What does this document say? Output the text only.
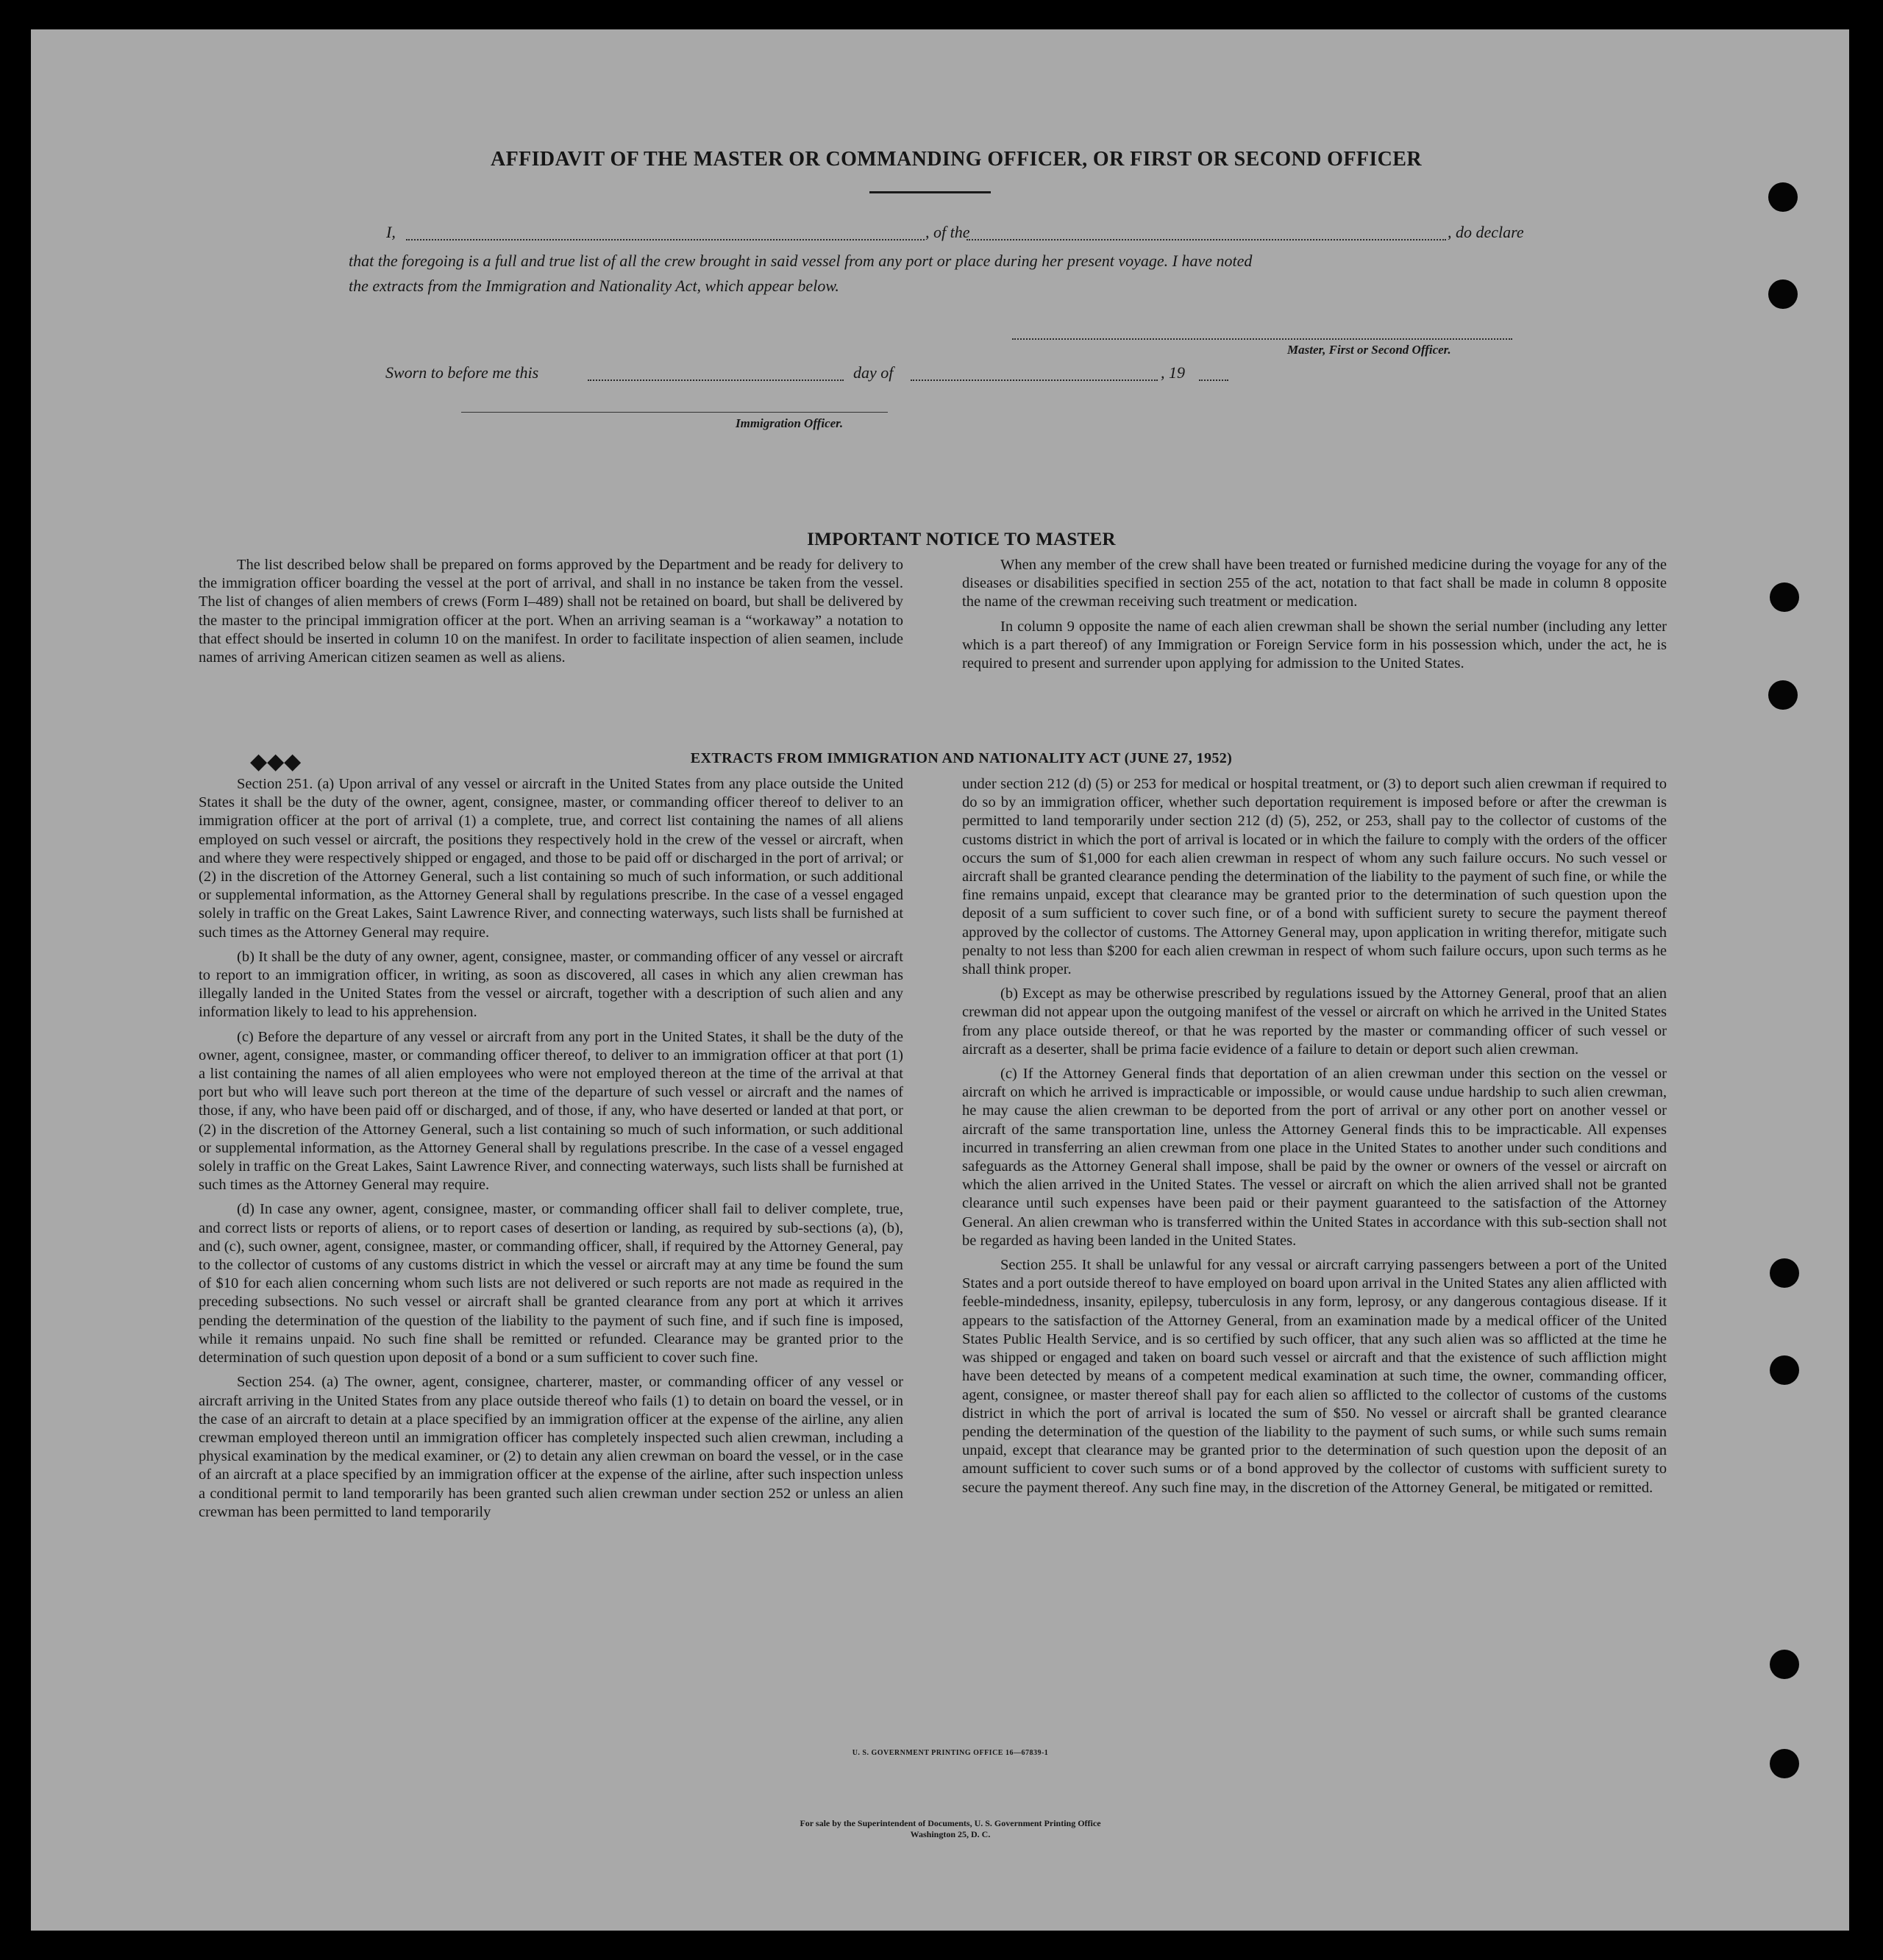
AFFIDAVIT OF THE MASTER OR COMMANDING OFFICER, OR FIRST OR SECOND OFFICER
I,	, of the	, do declare
that the foregoing is a full and true list of all the crew brought in said vessel from any port or place during her present voyage. I have noted
the extracts from the Immigration and Nationality Act, which appear below.
Master, First or Second Officer.
Sworn to before me this	day of	, 19
Immigration Officer.
IMPORTANT NOTICE TO MASTER

The list described below shall be prepared on forms approved by the Department and be ready for delivery to the immigration officer boarding the vessel at the port of arrival, and shall in no instance be taken from the vessel. The list of changes of alien members of crews (Form I–489) shall not be retained on board, but shall be delivered by the master to the principal immigration officer at the port. When an arriving seaman is a “workaway” a notation to that effect should be inserted in column 10 on the manifest. In order to facilitate inspection of alien seamen, include names of arriving American citizen seamen as well as aliens.

When any member of the crew shall have been treated or furnished medicine during the voyage for any of the diseases or disabilities specified in section 255 of the act, notation to that fact shall be made in column 8 opposite the name of the crewman receiving such treatment or medication.

In column 9 opposite the name of each alien crewman shall be shown the serial number (including any letter which is a part thereof) of any Immigration or Foreign Service form in his possession which, under the act, he is required to present and surrender upon applying for admission to the United States.

◆◆◆	EXTRACTS FROM IMMIGRATION AND NATIONALITY ACT (JUNE 27, 1952)

Section 251. (a) Upon arrival of any vessel or aircraft in the United States from any place outside the United States it shall be the duty of the owner, agent, consignee, master, or commanding officer thereof to deliver to an immigration officer at the port of arrival (1) a complete, true, and correct list containing the names of all aliens employed on such vessel or aircraft, the positions they respectively hold in the crew of the vessel or aircraft, when and where they were respectively shipped or engaged, and those to be paid off or discharged in the port of arrival; or (2) in the discretion of the Attorney General, such a list containing so much of such information, or such additional or supplemental information, as the Attorney General shall by regulations prescribe. In the case of a vessel engaged solely in traffic on the Great Lakes, Saint Lawrence River, and connecting waterways, such lists shall be furnished at such times as the Attorney General may require.

(b) It shall be the duty of any owner, agent, consignee, master, or commanding officer of any vessel or aircraft to report to an immigration officer, in writing, as soon as discovered, all cases in which any alien crewman has illegally landed in the United States from the vessel or aircraft, together with a description of such alien and any information likely to lead to his apprehension.

(c) Before the departure of any vessel or aircraft from any port in the United States, it shall be the duty of the owner, agent, consignee, master, or commanding officer thereof, to deliver to an immigration officer at that port (1) a list containing the names of all alien employees who were not employed thereon at the time of the arrival at that port but who will leave such port thereon at the time of the departure of such vessel or aircraft and the names of those, if any, who have been paid off or discharged, and of those, if any, who have deserted or landed at that port, or (2) in the discretion of the Attorney General, such a list containing so much of such information, or such additional or supplemental information, as the Attorney General shall by regulations prescribe. In the case of a vessel engaged solely in traffic on the Great Lakes, Saint Lawrence River, and connecting waterways, such lists shall be furnished at such times as the Attorney General may require.

(d) In case any owner, agent, consignee, master, or commanding officer shall fail to deliver complete, true, and correct lists or reports of aliens, or to report cases of desertion or landing, as required by sub-sections (a), (b), and (c), such owner, agent, consignee, master, or commanding officer, shall, if required by the Attorney General, pay to the collector of customs of any customs district in which the vessel or aircraft may at any time be found the sum of $10 for each alien concerning whom such lists are not delivered or such reports are not made as required in the preceding subsections. No such vessel or aircraft shall be granted clearance from any port at which it arrives pending the determination of the question of the liability to the payment of such fine, and if such fine is imposed, while it remains unpaid. No such fine shall be remitted or refunded. Clearance may be granted prior to the determination of such question upon deposit of a bond or a sum sufficient to cover such fine.

Section 254. (a) The owner, agent, consignee, charterer, master, or commanding officer of any vessel or aircraft arriving in the United States from any place outside thereof who fails (1) to detain on board the vessel, or in the case of an aircraft to detain at a place specified by an immigration officer at the expense of the airline, any alien crewman employed thereon until an immigration officer has completely inspected such alien crewman, including a physical examination by the medical examiner, or (2) to detain any alien crewman on board the vessel, or in the case of an aircraft at a place specified by an immigration officer at the expense of the airline, after such inspection unless a conditional permit to land temporarily has been granted such alien crewman under section 252 or unless an alien crewman has been permitted to land temporarily

under section 212 (d) (5) or 253 for medical or hospital treatment, or (3) to deport such alien crewman if required to do so by an immigration officer, whether such deportation requirement is imposed before or after the crewman is permitted to land temporarily under section 212 (d) (5), 252, or 253, shall pay to the collector of customs of the customs district in which the port of arrival is located or in which the failure to comply with the orders of the officer occurs the sum of $1,000 for each alien crewman in respect of whom any such failure occurs. No such vessel or aircraft shall be granted clearance pending the determination of the liability to the payment of such fine, or while the fine remains unpaid, except that clearance may be granted prior to the determination of such question upon the deposit of a sum sufficient to cover such fine, or of a bond with sufficient surety to secure the payment thereof approved by the collector of customs. The Attorney General may, upon application in writing therefor, mitigate such penalty to not less than $200 for each alien crewman in respect of whom such failure occurs, upon such terms as he shall think proper.

(b) Except as may be otherwise prescribed by regulations issued by the Attorney General, proof that an alien crewman did not appear upon the outgoing manifest of the vessel or aircraft on which he arrived in the United States from any place outside thereof, or that he was reported by the master or commanding officer of such vessel or aircraft as a deserter, shall be prima facie evidence of a failure to detain or deport such alien crewman.

(c) If the Attorney General finds that deportation of an alien crewman under this section on the vessel or aircraft on which he arrived is impracticable or impossible, or would cause undue hardship to such alien crewman, he may cause the alien crewman to be deported from the port of arrival or any other port on another vessel or aircraft of the same transportation line, unless the Attorney General finds this to be impracticable. All expenses incurred in transferring an alien crewman from one place in the United States to another under such conditions and safeguards as the Attorney General shall impose, shall be paid by the owner or owners of the vessel or aircraft on which the alien arrived in the United States. The vessel or aircraft on which the alien arrived shall not be granted clearance until such expenses have been paid or their payment guaranteed to the satisfaction of the Attorney General. An alien crewman who is transferred within the United States in accordance with this sub-section shall not be regarded as having been landed in the United States.

Section 255. It shall be unlawful for any vessal or aircraft carrying passengers between a port of the United States and a port outside thereof to have employed on board upon arrival in the United States any alien afflicted with feeble-mindedness, insanity, epilepsy, tuberculosis in any form, leprosy, or any dangerous contagious disease. If it appears to the satisfaction of the Attorney General, from an examination made by a medical officer of the United States Public Health Service, and is so certified by such officer, that any such alien was so afflicted at the time he was shipped or engaged and taken on board such vessel or aircraft and that the existence of such affliction might have been detected by means of a competent medical examination at such time, the owner, commanding officer, agent, consignee, or master thereof shall pay for each alien so afflicted to the collector of customs of the customs district in which the port of arrival is located the sum of $50. No vessel or aircraft shall be granted clearance pending the determination of the question of the liability to the payment of such sums, or while such sums remain unpaid, except that clearance may be granted prior to the determination of such question upon the deposit of an amount sufficient to cover such sums or of a bond approved by the collector of customs with sufficient surety to secure the payment thereof. Any such fine may, in the discretion of the Attorney General, be mitigated or remitted.

U. S. GOVERNMENT PRINTING OFFICE 16—67839-1
For sale by the Superintendent of Documents, U. S. Government Printing Office
Washington 25, D. C.
